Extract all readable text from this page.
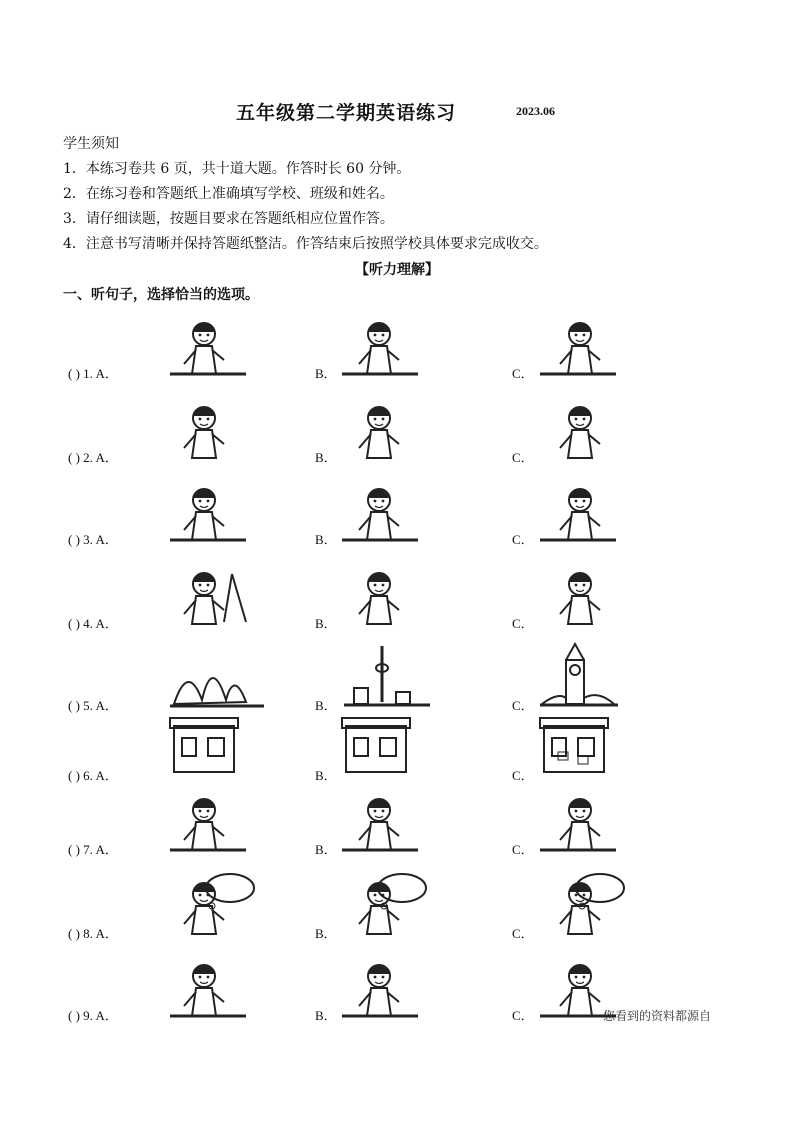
五年级第二学期英语练习	2023.06
学生须知
1．本练习卷共 6 页，共十道大题。作答时长 60 分钟。
2．在练习卷和答题纸上准确填写学校、班级和姓名。
3．请仔细读题，按题目要求在答题纸相应位置作答。
4．注意书写清晰并保持答题纸整洁。作答结束后按照学校具体要求完成收交。
【听力理解】
一、听句子，选择恰当的选项。
( ) 1. A．	B．	C．
( ) 2. A．	B．	C．
( ) 3. A．	B．	C．
( ) 4. A．	B．	C．
( ) 5. A．	B．	C．
( ) 6. A．	B．	C．
( ) 7. A．	B．	C．
( ) 8. A．	B．	C．
( ) 9. A．	B．	C．	您看到的资料都源自
